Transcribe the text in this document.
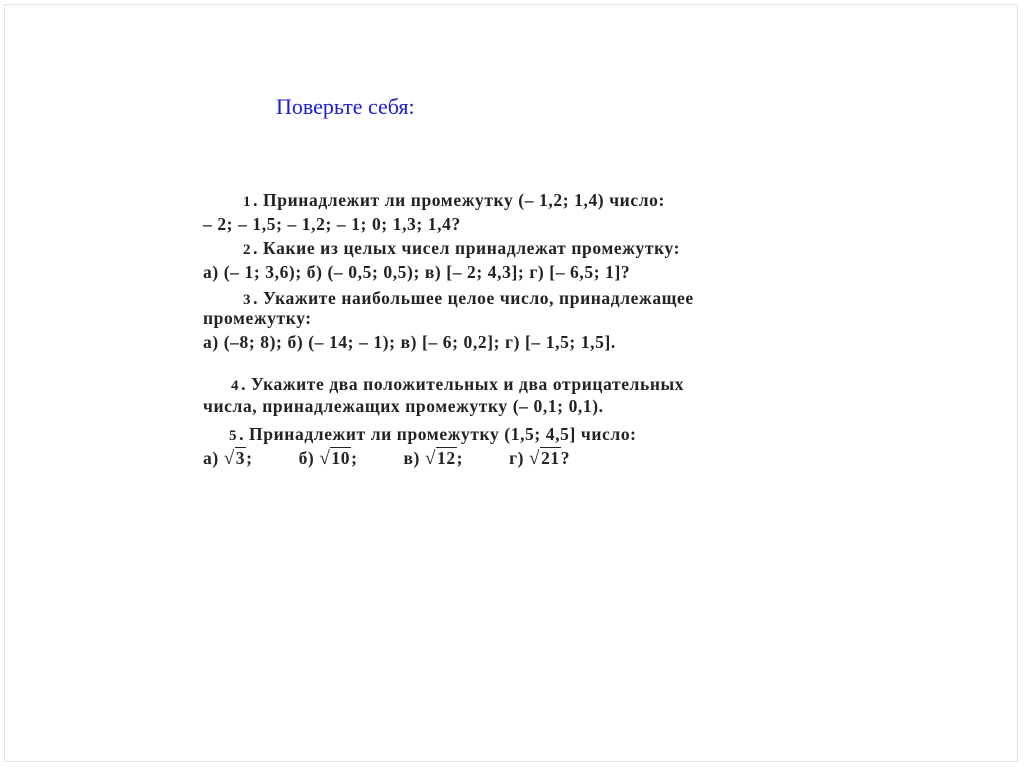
Поверьте себя:
1 . Принадлежит ли промежутку (– 1,2; 1,4) число:
– 2; – 1,5; – 1,2; – 1; 0; 1,3; 1,4?
2 . Какие из целых чисел принадлежат промежутку:
а) (– 1; 3,6); б) (– 0,5; 0,5); в) [– 2; 4,3]; г) [– 6,5; 1]?
3 . Укажите наибольшее целое число, принадлежащее
промежутку:
а) (–8; 8); б) (– 14; – 1); в) [– 6; 0,2]; г) [– 1,5; 1,5].
4 . Укажите два положительных и два отрицательных
числа, принадлежащих промежутку (– 0,1; 0,1).
5 . Принадлежит ли промежутку (1,5; 4,5] число:
а) √3;	б) √10;	в) √12;	г) √21?
